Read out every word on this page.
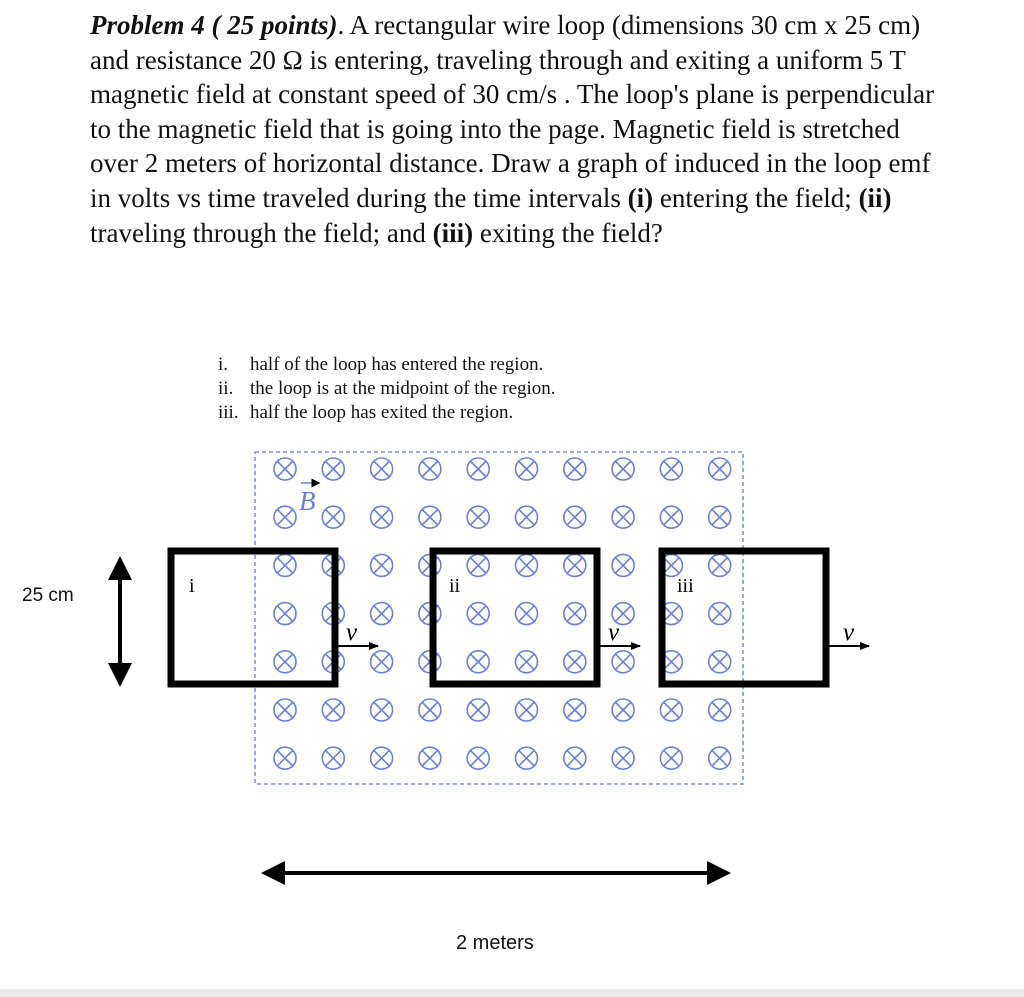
Problem 4 ( 25 points). A rectangular wire loop (dimensions 30 cm x 25 cm) and resistance 20 Ω is entering, traveling through and exiting a uniform 5 T magnetic field at constant speed of 30 cm/s . The loop's plane is perpendicular to the magnetic field that is going into the page. Magnetic field is stretched over 2 meters of horizontal distance. Draw a graph of induced in the loop emf in volts vs time traveled during the time intervals (i) entering the field; (ii) traveling through the field; and (iii) exiting the field?

i.	half of the loop has entered the region.
ii. the loop is at the midpoint of the region.
iii. half the loop has exited the region.
B
i	ii	iii
v	v	v
25 cm
2 meters
